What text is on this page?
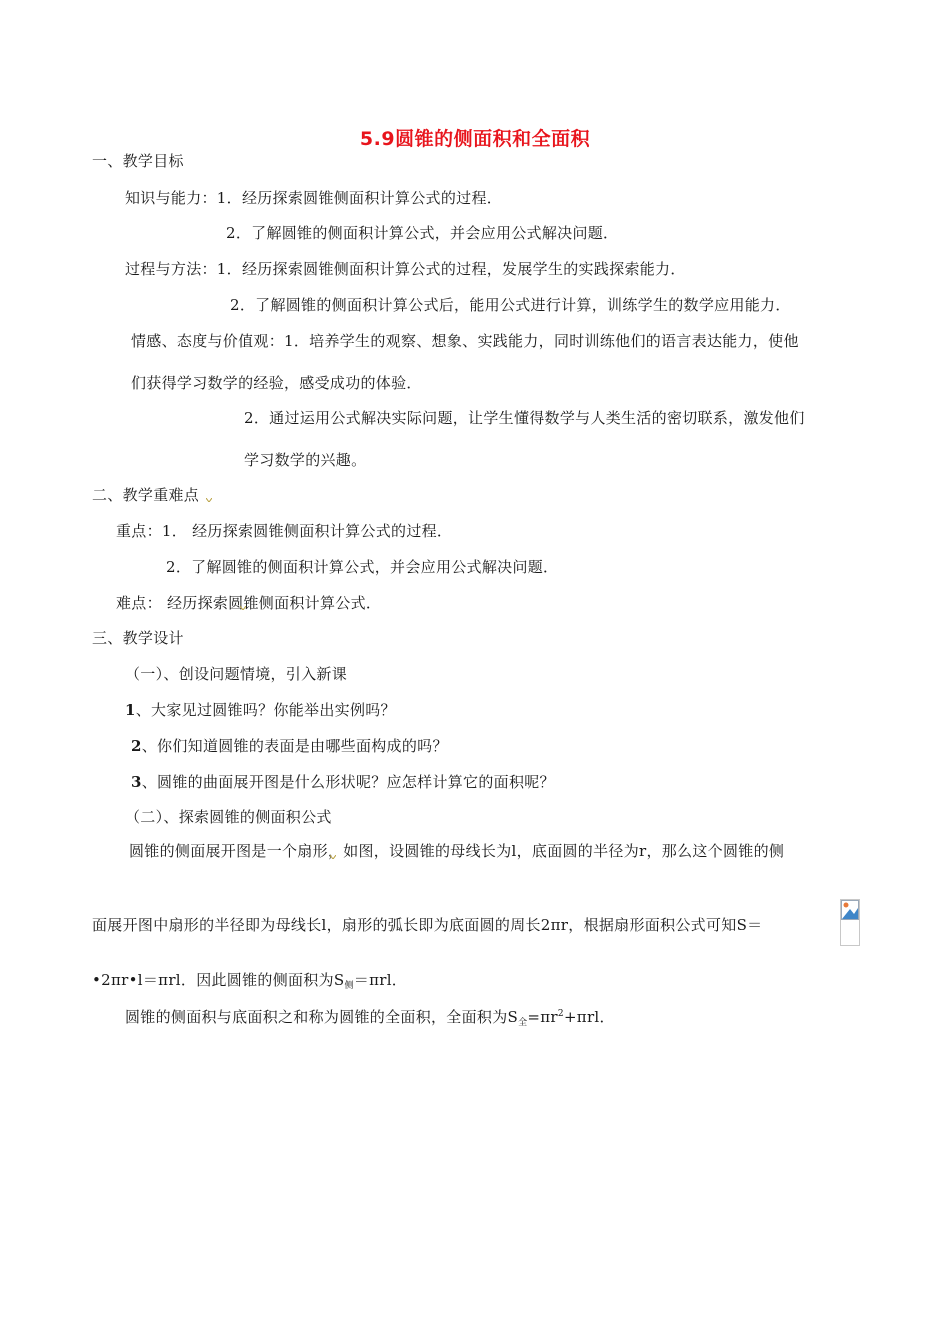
5.9圆锥的侧面积和全面积
一、教学目标
知识与能力：1．经历探索圆锥侧面积计算公式的过程．
2．了解圆锥的侧面积计算公式，并会应用公式解决问题．
过程与方法：1．经历探索圆锥侧面积计算公式的过程，发展学生的实践探索能力．
2．了解圆锥的侧面积计算公式后，能用公式进行计算，训练学生的数学应用能力．
情感、态度与价值观：1．培养学生的观察、想象、实践能力，同时训练他们的语言表达能力，使他
们获得学习数学的经验，感受成功的体验．
2．通过运用公式解决实际问题，让学生懂得数学与人类生活的密切联系，激发他们
学习数学的兴趣。
二、教学重难点
重点：1． 经历探索圆锥侧面积计算公式的过程．
2．了解圆锥的侧面积计算公式，并会应用公式解决问题．
难点： 经历探索圆锥侧面积计算公式．
三、教学设计
（一）、创设问题情境，引入新课
1、大家见过圆锥吗？你能举出实例吗？
2、你们知道圆锥的表面是由哪些面构成的吗？
3、圆锥的曲面展开图是什么形状呢？应怎样计算它的面积呢？
（二）、探索圆锥的侧面积公式
圆锥的侧面展开图是一个扇形，如图，设圆锥的母线长为l，底面圆的半径为r，那么这个圆锥的侧
面展开图中扇形的半径即为母线长l，扇形的弧长即为底面圆的周长2πr，根据扇形面积公式可知S＝
•2πr•l＝πrl．因此圆锥的侧面积为$S_侧=\pi rl$．
圆锥的侧面积与底面积之和称为圆锥的全面积，全面积为$S_全=\pi r^2+\pi rl$．
